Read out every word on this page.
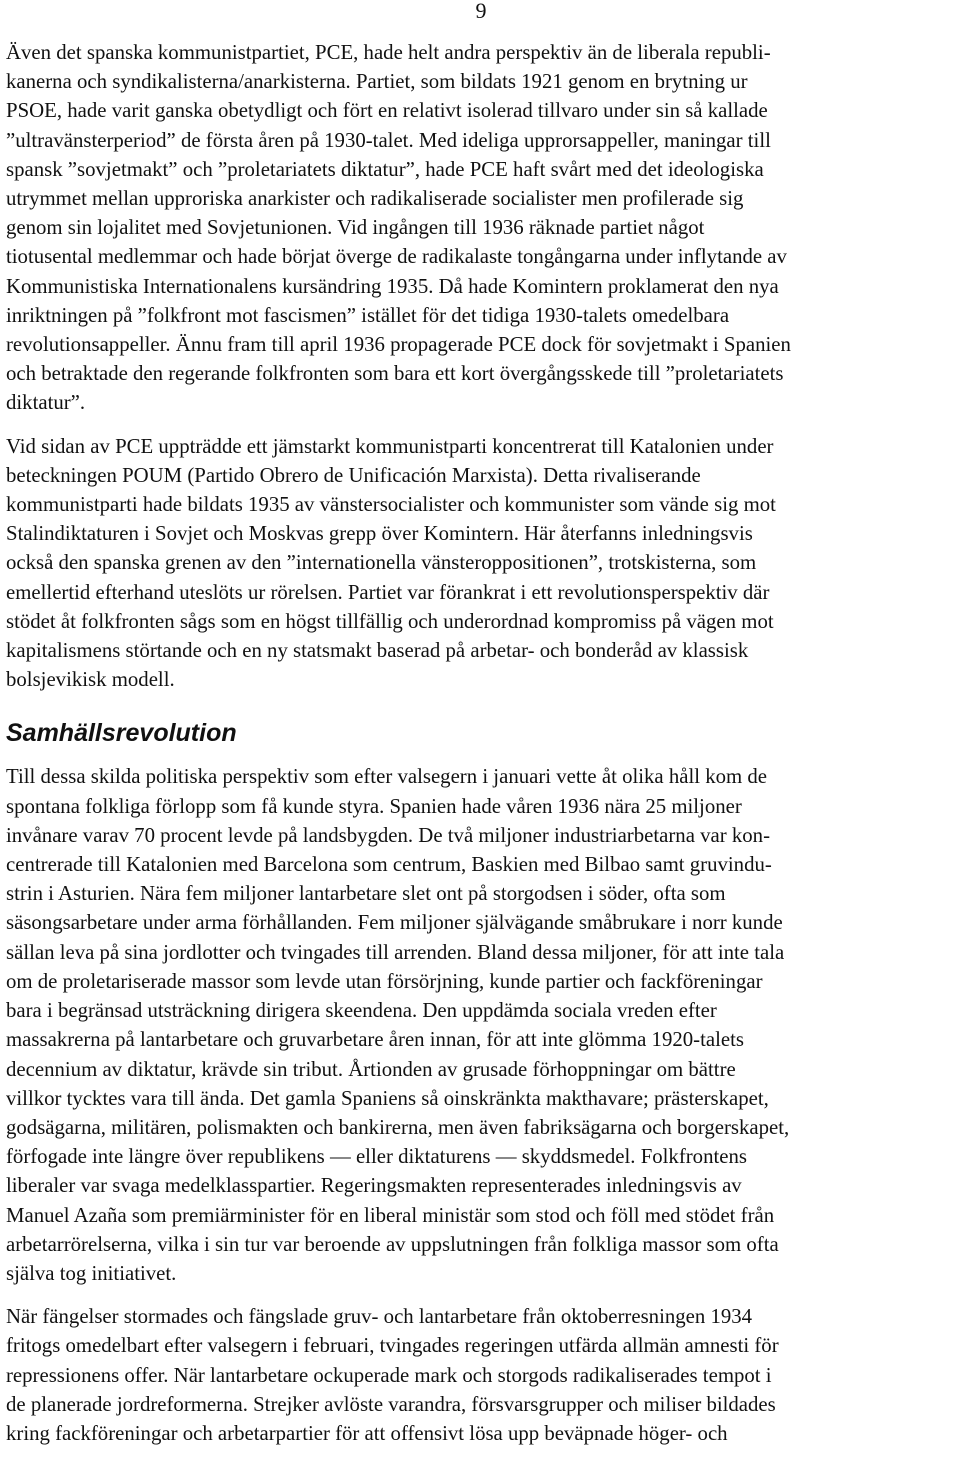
9

Även det spanska kommunistpartiet, PCE, hade helt andra perspektiv än de liberala republi-
kanerna och syndikalisterna/anarkisterna. Partiet, som bildats 1921 genom en brytning ur
PSOE, hade varit ganska obetydligt och fört en relativt isolerad tillvaro under sin så kallade
”ultravänsterperiod” de första åren på 1930-talet. Med ideliga upprorsappeller, maningar till
spansk ”sovjetmakt” och ”proletariatets diktatur”, hade PCE haft svårt med det ideologiska
utrymmet mellan upproriska anarkister och radikaliserade socialister men profilerade sig
genom sin lojalitet med Sovjetunionen. Vid ingången till 1936 räknade partiet något
tiotusental medlemmar och hade börjat överge de radikalaste tongångarna under inflytande av
Kommunistiska Internationalens kursändring 1935. Då hade Komintern proklamerat den nya
inriktningen på ”folkfront mot fascismen” istället för det tidiga 1930-talets omedelbara
revolutionsappeller. Ännu fram till april 1936 propagerade PCE dock för sovjetmakt i Spanien
och betraktade den regerande folkfronten som bara ett kort övergångsskede till ”proletariatets
diktatur”.

Vid sidan av PCE uppträdde ett jämstarkt kommunistparti koncentrerat till Katalonien under
beteckningen POUM (Partido Obrero de Unificación Marxista). Detta rivaliserande
kommunistparti hade bildats 1935 av vänstersocialister och kommunister som vände sig mot
Stalindiktaturen i Sovjet och Moskvas grepp över Komintern. Här återfanns inledningsvis
också den spanska grenen av den ”internationella vänsteroppositionen”, trotskisterna, som
emellertid efterhand uteslöts ur rörelsen. Partiet var förankrat i ett revolutionsperspektiv där
stödet åt folkfronten sågs som en högst tillfällig och underordnad kompromiss på vägen mot
kapitalismens störtande och en ny statsmakt baserad på arbetar- och bonderåd av klassisk
bolsjevikisk modell.

Samhällsrevolution

Till dessa skilda politiska perspektiv som efter valsegern i januari vette åt olika håll kom de
spontana folkliga förlopp som få kunde styra. Spanien hade våren 1936 nära 25 miljoner
invånare varav 70 procent levde på landsbygden. De två miljoner industriarbetarna var kon-
centrerade till Katalonien med Barcelona som centrum, Baskien med Bilbao samt gruvindu-
strin i Asturien. Nära fem miljoner lantarbetare slet ont på storgodsen i söder, ofta som
säsongsarbetare under arma förhållanden. Fem miljoner självägande småbrukare i norr kunde
sällan leva på sina jordlotter och tvingades till arrenden. Bland dessa miljoner, för att inte tala
om de proletariserade massor som levde utan försörjning, kunde partier och fackföreningar
bara i begränsad utsträckning dirigera skeendena. Den uppdämda sociala vreden efter
massakrerna på lantarbetare och gruvarbetare åren innan, för att inte glömma 1920-talets
decennium av diktatur, krävde sin tribut. Årtionden av grusade förhoppningar om bättre
villkor tycktes vara till ända. Det gamla Spaniens så oinskränkta makthavare; prästerskapet,
godsägarna, militären, polismakten och bankirerna, men även fabriksägarna och borgerskapet,
förfogade inte längre över republikens — eller diktaturens — skyddsmedel. Folkfrontens
liberaler var svaga medelklasspartier. Regeringsmakten representerades inledningsvis av
Manuel Azaña som premiärminister för en liberal ministär som stod och föll med stödet från
arbetarrörelserna, vilka i sin tur var beroende av uppslutningen från folkliga massor som ofta
själva tog initiativet.

När fängelser stormades och fängslade gruv- och lantarbetare från oktoberresningen 1934
fritogs omedelbart efter valsegern i februari, tvingades regeringen utfärda allmän amnesti för
repressionens offer. När lantarbetare ockuperade mark och storgods radikaliserades tempot i
de planerade jordreformerna. Strejker avlöste varandra, försvarsgrupper och miliser bildades
kring fackföreningar och arbetarpartier för att offensivt lösa upp beväpnade höger- och
